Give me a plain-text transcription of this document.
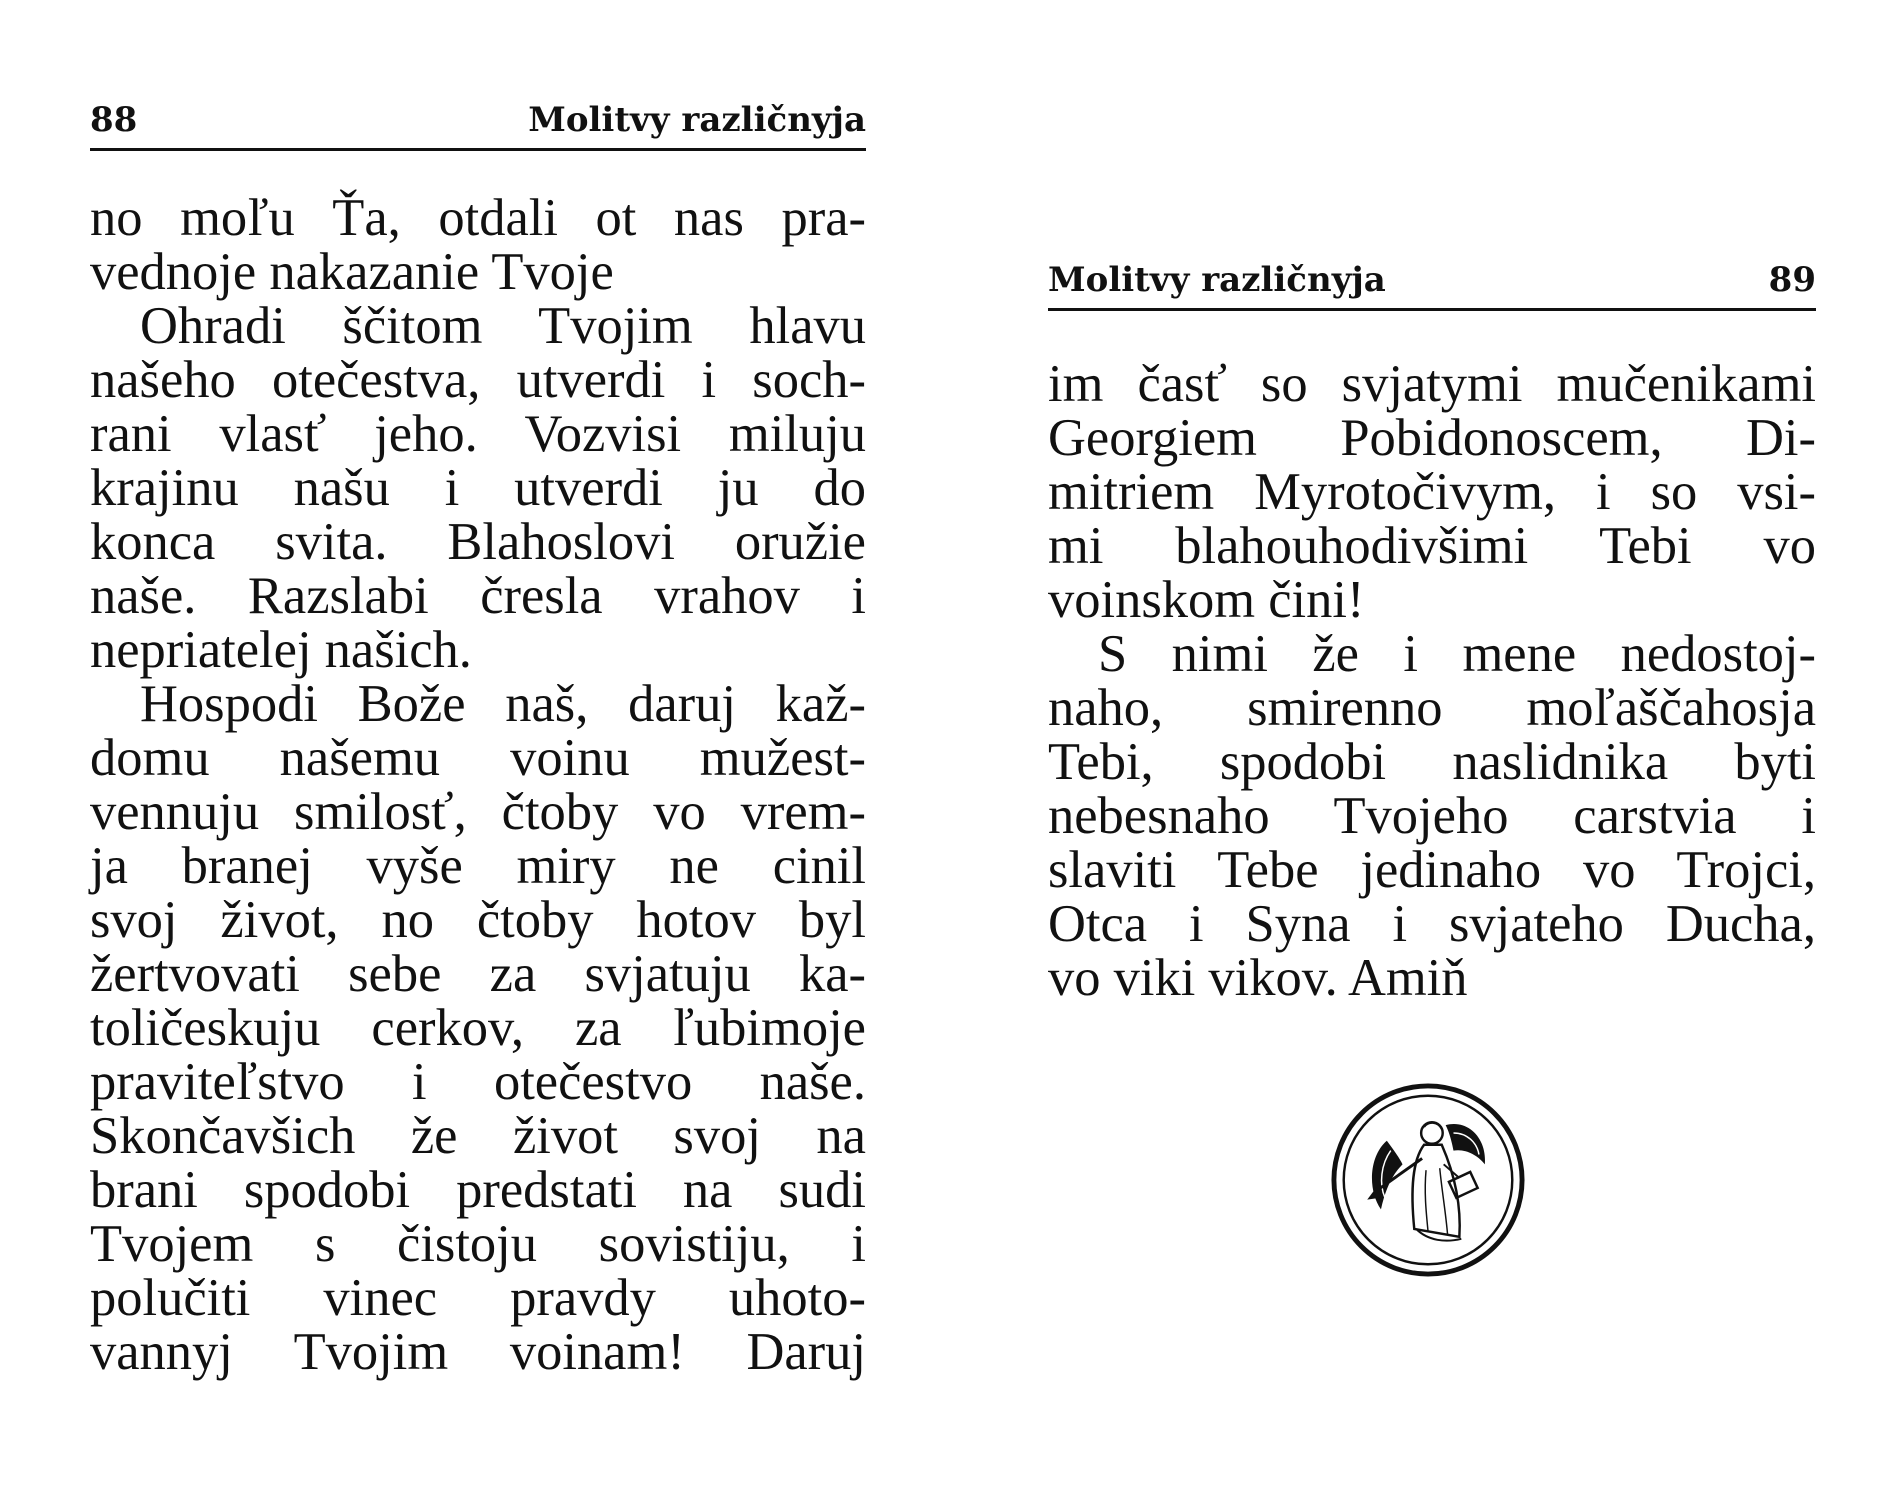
88	Molitvy različnyja
no moľu Ťa, otdali ot nas pra-
vednoje nakazanie Tvoje
Ohradi ščitom Tvojim hlavu
našeho otečestva, utverdi i soch-
rani vlasť jeho. Vozvisi miluju
krajinu našu i utverdi ju do
konca svita. Blahoslovi oružie
naše. Razslabi čresla vrahov i
nepriatelej našich.
Hospodi Bože naš, daruj kaž-
domu našemu voinu mužest-
vennuju smilosť, čtoby vo vrem-
ja branej vyše miry ne cinil
svoj život, no čtoby hotov byl
žertvovati sebe za svjatuju ka-
toličeskuju cerkov, za ľubimoje
praviteľstvo i otečestvo naše.
Skončavšich že život svoj na
brani spodobi predstati na sudi
Tvojem s čistoju sovistiju, i
polučiti vinec pravdy uhoto-
vannyj Tvojim voinam! Daruj
Molitvy različnyja	89
im časť so svjatymi mučenikami
Georgiem Pobidonoscem, Di-
mitriem Myrotočivym, i so vsi-
mi blahouhodivšimi Tebi vo
voinskom čini!
S nimi že i mene nedostoj-
naho, smirenno moľaščahosja
Tebi, spodobi naslidnika byti
nebesnaho Tvojeho carstvia i
slaviti Tebe jedinaho vo Trojci,
Otca i Syna i svjateho Ducha,
vo viki vikov. Amiň
